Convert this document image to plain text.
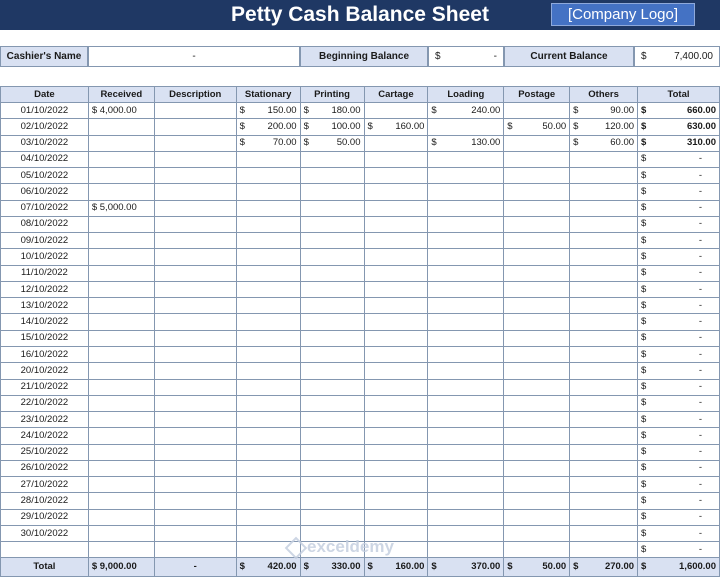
Petty Cash Balance Sheet	[Company Logo]
Cashier's Name	-	Beginning Balance	$	-	Current Balance	$	7,400.00
Date	Received	Description	Stationary	Printing	Cartage	Loading	Postage	Others	Total
01/10/2022	$ 4,000.00		$ 150.00	$ 180.00		$ 240.00		$ 90.00	$ 660.00

02/10/2022			$ 200.00	$ 100.00	$ 160.00		$ 50.00	$ 120.00	$ 630.00

03/10/2022			$ 70.00	$ 50.00		$ 130.00		$ 60.00	$ 310.00

04/10/2022									$ -

05/10/2022									$ -

06/10/2022									$ -

07/10/2022	$ 5,000.00								$ -

08/10/2022									$ -

09/10/2022									$ -

10/10/2022									$ -

11/10/2022									$ -

12/10/2022									$ -

13/10/2022									$ -

14/10/2022									$ -

15/10/2022									$ -

16/10/2022									$ -

20/10/2022									$ -

21/10/2022									$ -

22/10/2022									$ -

23/10/2022									$ -

24/10/2022									$ -

25/10/2022									$ -

26/10/2022									$ -

27/10/2022									$ -

28/10/2022									$ -

29/10/2022									$ -

30/10/2022									$ -

									$ -

Total	$ 9,000.00	-	$ 420.00	$ 330.00	$ 160.00	$ 370.00	$ 50.00	$ 270.00	$ 1,600.00
exceldemy
